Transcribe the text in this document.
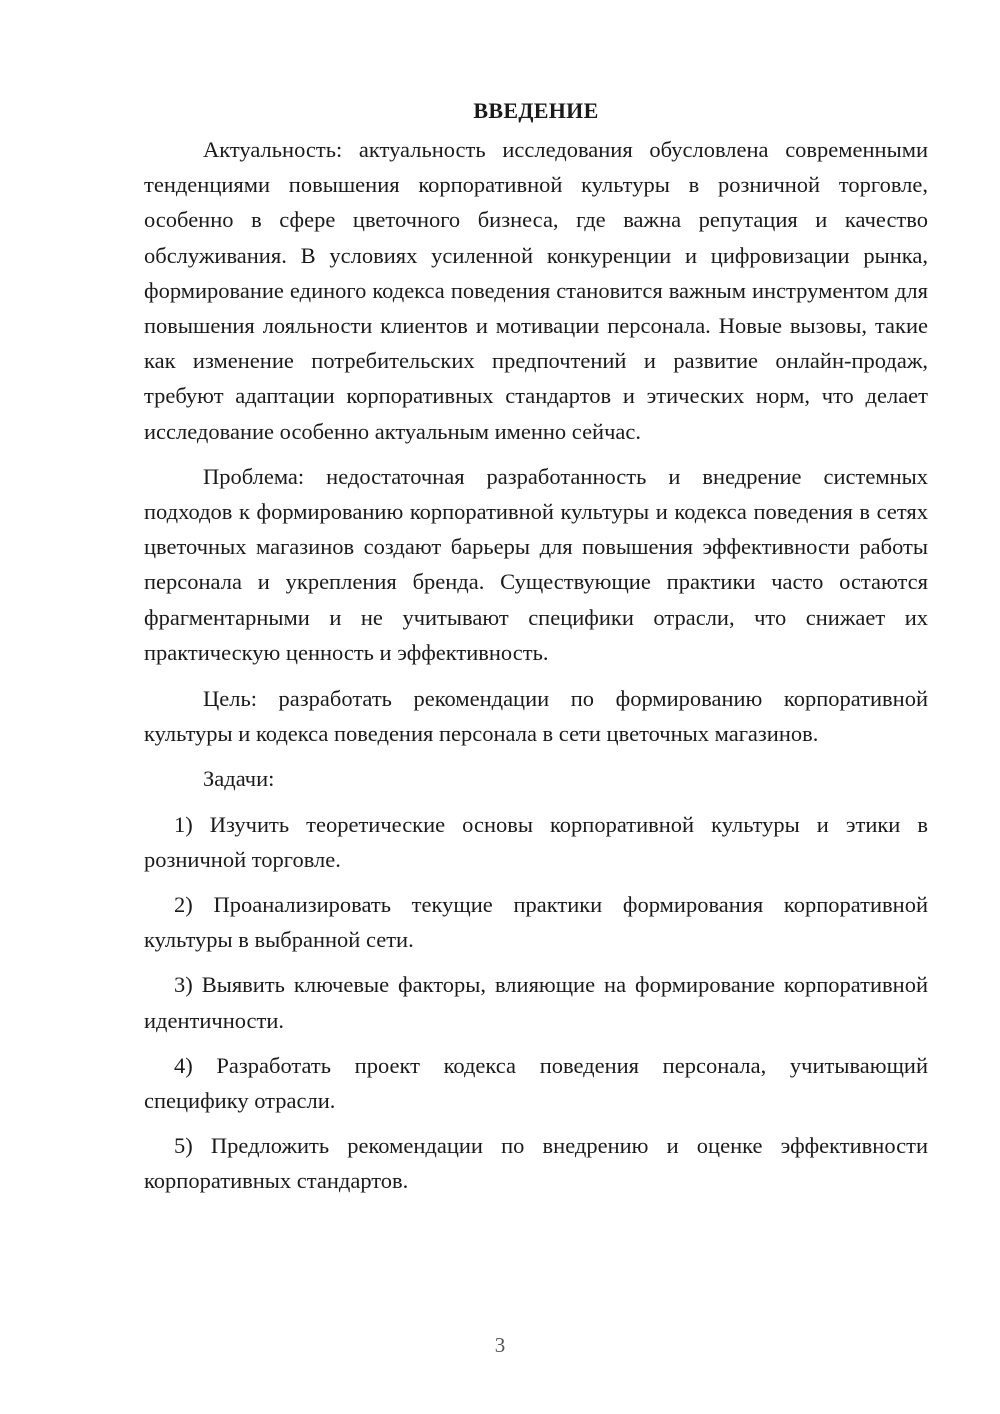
ВВЕДЕНИЕ

Актуальность: актуальность исследования обусловлена современными тенденциями повышения корпоративной культуры в розничной торговле, особенно в сфере цветочного бизнеса, где важна репутация и качество обслуживания. В условиях усиленной конкуренции и цифровизации рынка, формирование единого кодекса поведения становится важным инструментом для повышения лояльности клиентов и мотивации персонала. Новые вызовы, такие как изменение потребительских предпочтений и развитие онлайн-продаж, требуют адаптации корпоративных стандартов и этических норм, что делает исследование особенно актуальным именно сейчас.

Проблема: недостаточная разработанность и внедрение системных подходов к формированию корпоративной культуры и кодекса поведения в сетях цветочных магазинов создают барьеры для повышения эффективности работы персонала и укрепления бренда. Существующие практики часто остаются фрагментарными и не учитывают специфики отрасли, что снижает их практическую ценность и эффективность.

Цель: разработать рекомендации по формированию корпоративной культуры и кодекса поведения персонала в сети цветочных магазинов.

Задачи:

1) Изучить теоретические основы корпоративной культуры и этики в розничной торговле.

2) Проанализировать текущие практики формирования корпоративной культуры в выбранной сети.

3) Выявить ключевые факторы, влияющие на формирование корпоративной идентичности.

4) Разработать проект кодекса поведения персонала, учитывающий специфику отрасли.

5) Предложить рекомендации по внедрению и оценке эффективности корпоративных стандартов.

3
